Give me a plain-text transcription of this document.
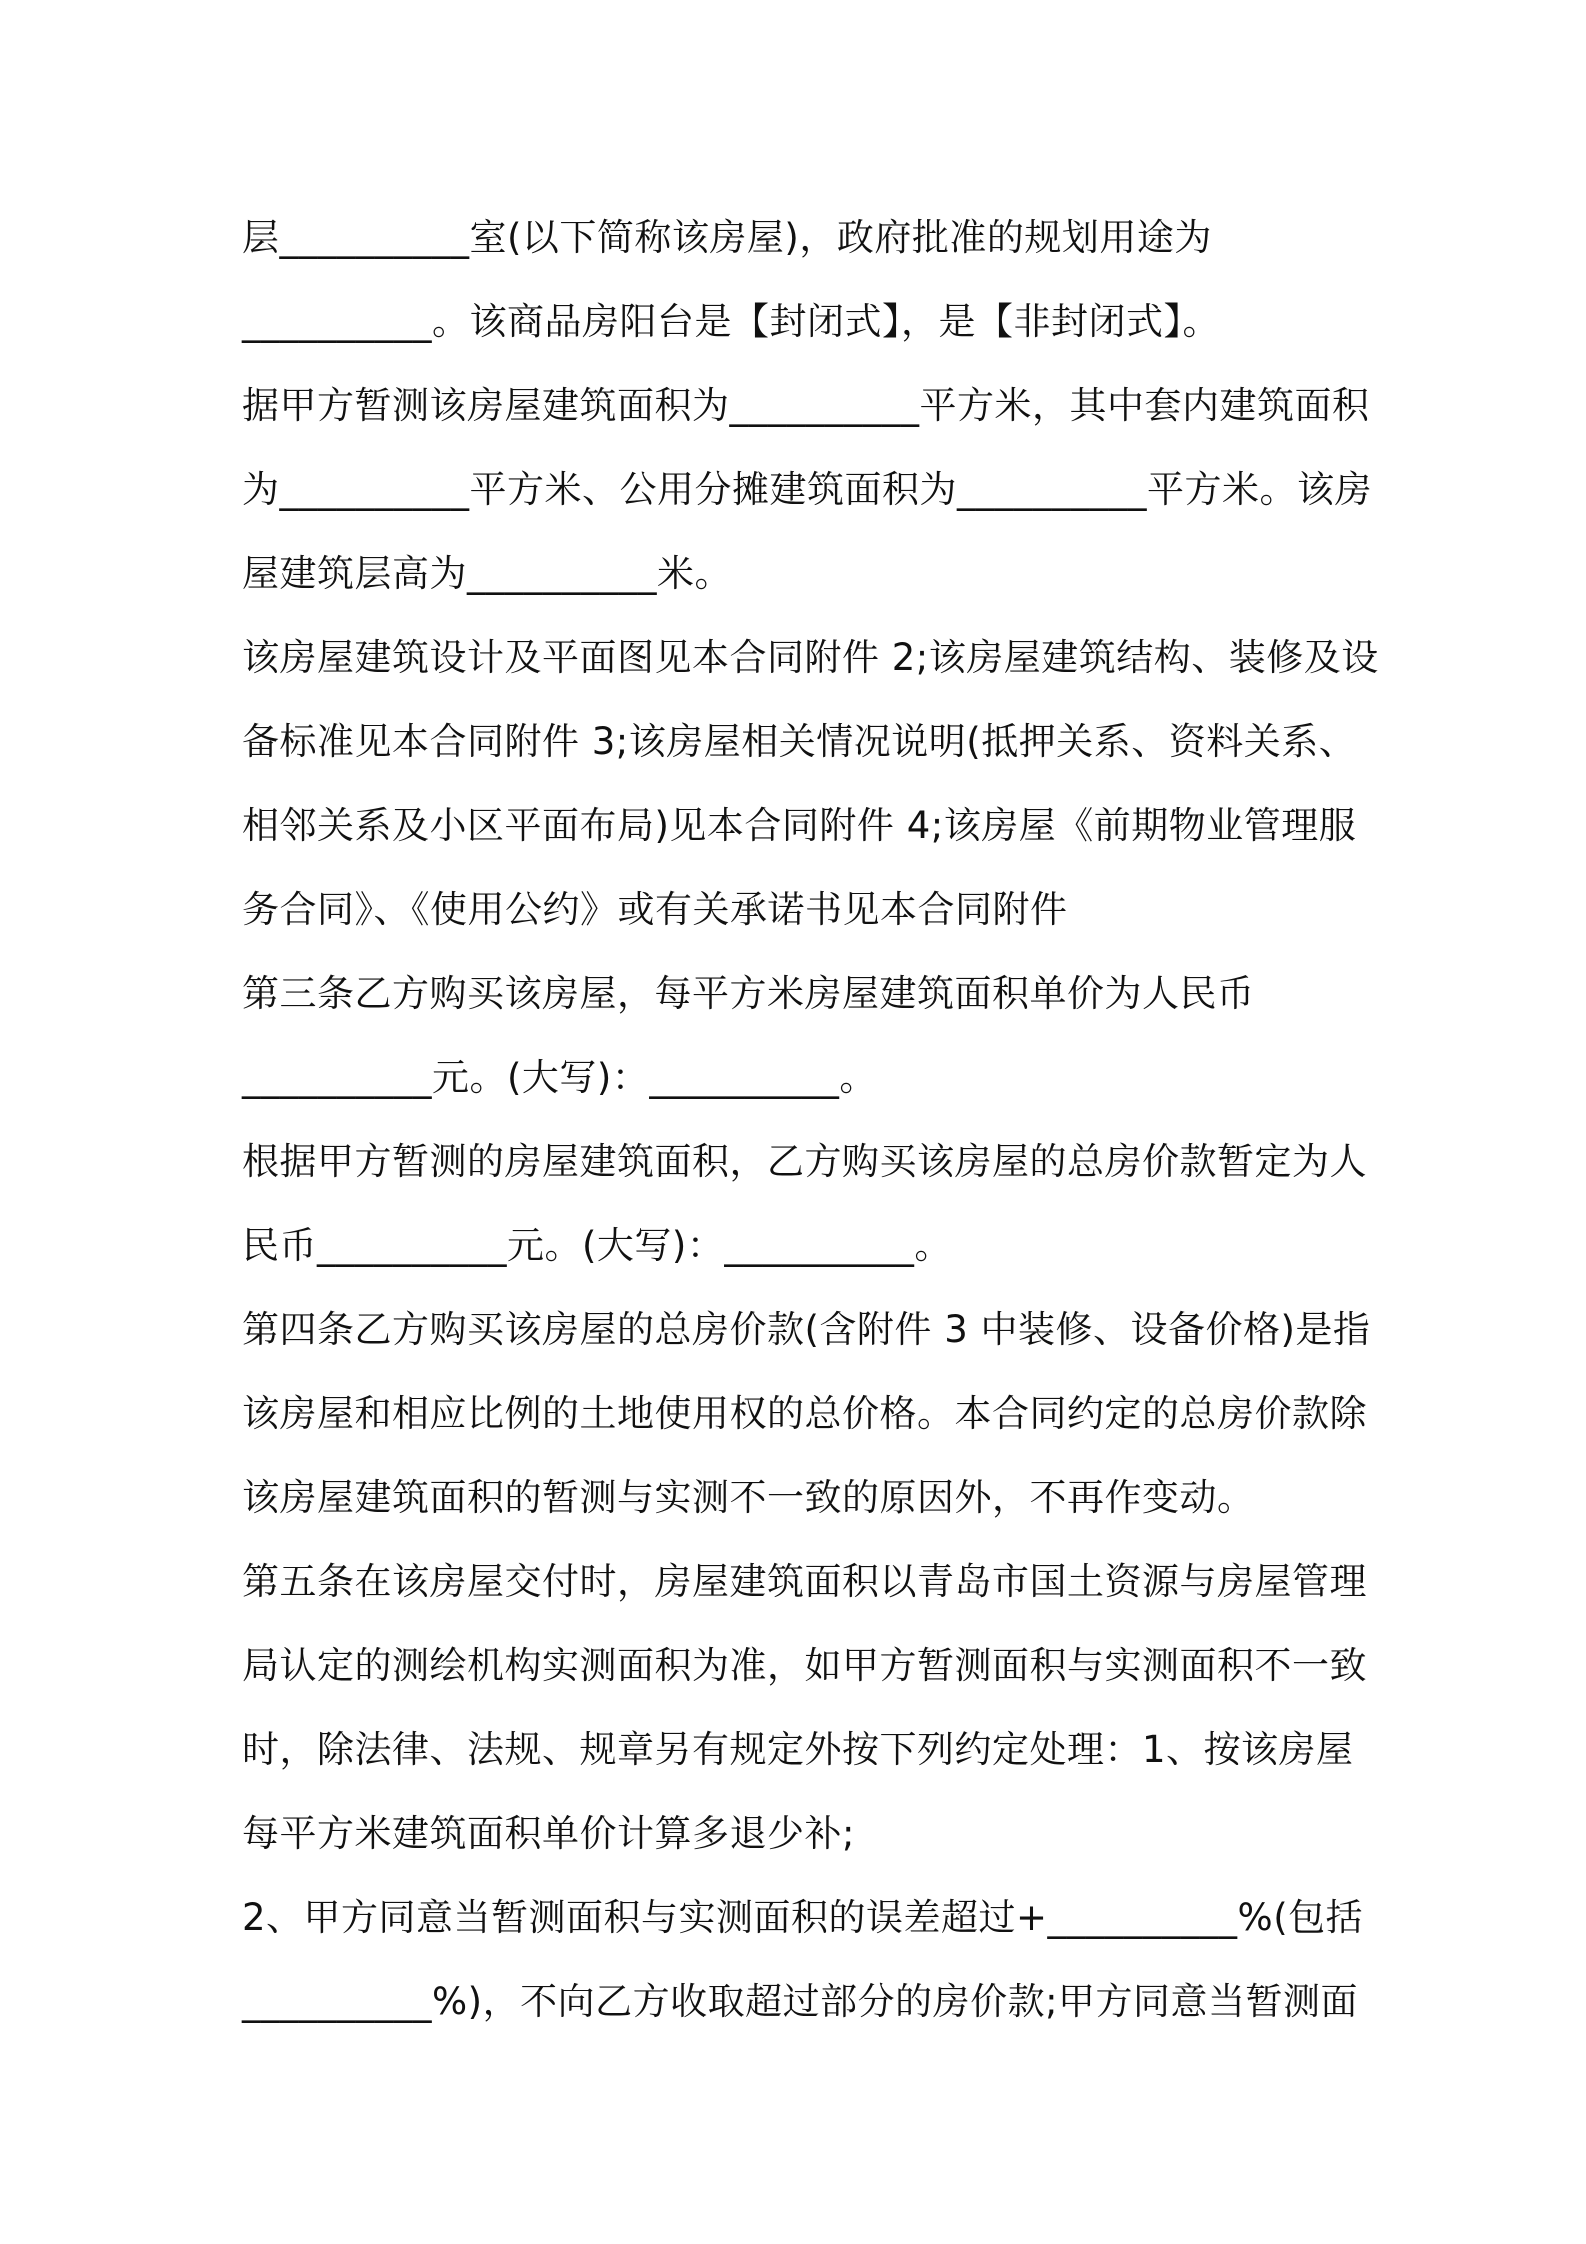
层__________室(以下简称该房屋)，政府批准的规划用途为
__________。该商品房阳台是【封闭式】，是【非封闭式】。
据甲方暂测该房屋建筑面积为__________平方米，其中套内建筑面积
为__________平方米、公用分摊建筑面积为__________平方米。该房
屋建筑层高为__________米。
该房屋建筑设计及平面图见本合同附件 2;该房屋建筑结构、装修及设
备标准见本合同附件 3;该房屋相关情况说明(抵押关系、资料关系、
相邻关系及小区平面布局)见本合同附件 4;该房屋《前期物业管理服
务合同》、《使用公约》或有关承诺书见本合同附件
第三条乙方购买该房屋，每平方米房屋建筑面积单价为人民币
__________元。(大写)：__________。
根据甲方暂测的房屋建筑面积，乙方购买该房屋的总房价款暂定为人
民币__________元。(大写)：__________。
第四条乙方购买该房屋的总房价款(含附件 3 中装修、设备价格)是指
该房屋和相应比例的土地使用权的总价格。本合同约定的总房价款除
该房屋建筑面积的暂测与实测不一致的原因外，不再作变动。
第五条在该房屋交付时，房屋建筑面积以青岛市国土资源与房屋管理
局认定的测绘机构实测面积为准，如甲方暂测面积与实测面积不一致
时，除法律、法规、规章另有规定外按下列约定处理：1、按该房屋
每平方米建筑面积单价计算多退少补;
2、甲方同意当暂测面积与实测面积的误差超过+__________%(包括
__________%)，不向乙方收取超过部分的房价款;甲方同意当暂测面
